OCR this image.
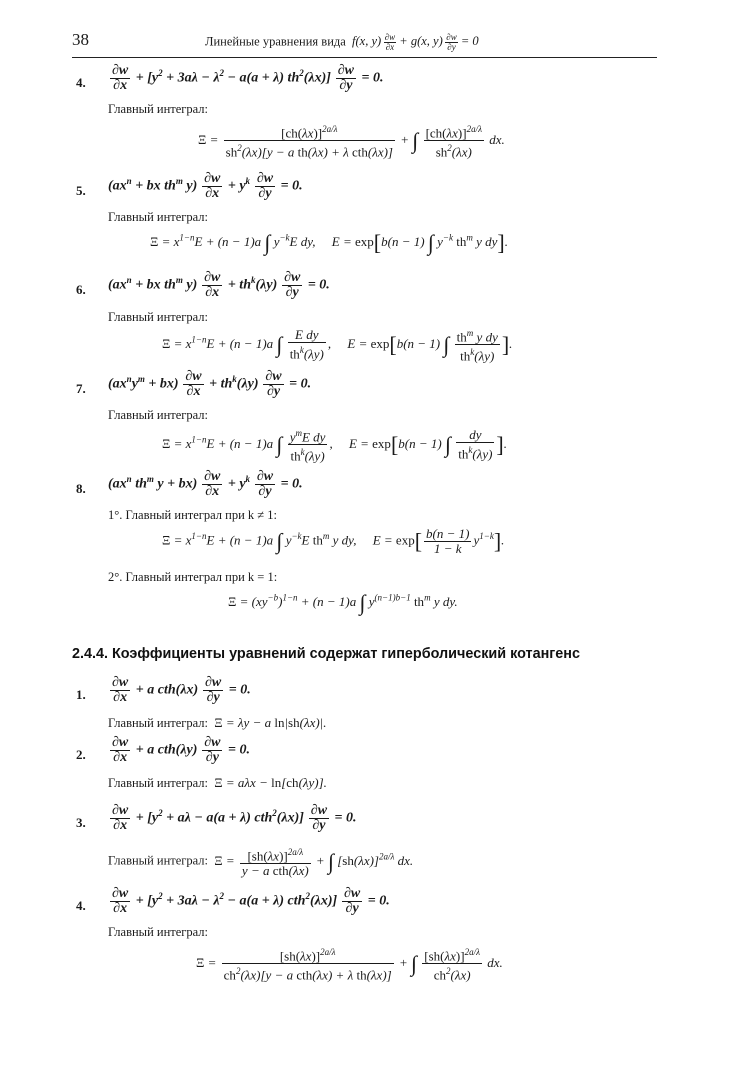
38	Линейные уравнения вида  f(x, $y) \frac{\partial w}{\partial x} + g(x$, $y) \frac{\partial w}{\partial y} = 0$
4. $\frac{\partial w}{\partial x} + [y^2 + 3a\lambda - \lambda^2 - a(a + \lambda)$ $th^2(\lambda x)] \frac{\partial w}{\partial y} = 0$.
Главный интеграл:
$\Xi = \frac{[ch(\lambda x)]^{2a/\lambda}}{sh^2(\lambda x)[y - a th(\lambda x) + \lambda cth(\lambda x)]}$ + ∫ $\frac{[ch(\lambda x)]^{2a/\lambda}}{sh^2(\lambda x)}$ dx.
5. ($ax^n$ + bx $th^m$ $y) \frac{\partial w}{\partial x} + y^k \frac{\partial w}{\partial y} = 0$.
Главный интеграл:
$\Xi = x^{1-n}E + (n - 1)a$ ∫ $y^{-k}E$ dy,     E = exp[b(n − 1) ∫ $y^{-k}$ $th^m$ y dy].
6. ($ax^n$ + bx $th^m$ $y) \frac{\partial w}{\partial x} + th^k(\lambda y) \frac{\partial w}{\partial y} = 0$.
Главный интеграл:
$\Xi = x^{1-n}E + (n - 1)a$ ∫ $\frac{\text{E dy}}{th^k(\lambda y)}$ ,     E = exp[b(n − 1) ∫ $\frac{th^m y dy}{th^k(\lambda y)}$ ].
7. $(ax^ny^m + bx) \frac{\partial w}{\partial x} + th^k(\lambda y) \frac{\partial w}{\partial y} = 0$.
Главный интеграл:
$\Xi = x^{1-n}E + (n - 1)a$ ∫ $\frac{y^mE dy}{th^k(\lambda y)}$ ,     E = exp[b(n − 1) ∫ $\frac{dy}{th^k(\lambda y)}$ ].
8. ($ax^n$ $th^m$ $y + bx) \frac{\partial w}{\partial x} + y^k \frac{\partial w}{\partial y} = 0$.
1°. Главный интеграл при k ≠ 1:
$\Xi = x^{1-n}E + (n - 1)a$ ∫ $y^{-k}E$ $th^m$ y dy,     $E = \exp[ \frac{b(n - 1)}{1 - k} y^{1-k}]$.
2°. Главный интеграл при k = 1:
$\Xi = (xy^{-b})^{1-n} + (n - 1)a$ ∫ $y^{(n-1)b-1}$ $th^m$ y dy.
2.4.4. Коэффициенты уравнений содержат гиперболический котангенс
1. $\frac{\partial w}{\partial x} + a$ $cth(\lambda x) \frac{\partial w}{\partial y} = 0$.
Главный интеграл: Ξ = λy − a ln|sh(λx)|.
2. $\frac{\partial w}{\partial x} + a$ $cth(\lambda y) \frac{\partial w}{\partial y} = 0$.
Главный интеграл: Ξ = aλx − ln[ch(λy)].
3. $\frac{\partial w}{\partial x} + [y^2 + a\lambda - a(a + \lambda)$ $cth^2(\lambda x)] \frac{\partial w}{\partial y} = 0$.
Главный интеграл: $\Xi = \frac{[sh(\lambda x)]^{2a/\lambda}}{\text{y − a cth(λx)}}$ + ∫ $[sh(\lambda x)]^{2a/\lambda}$ dx.
4. $\frac{\partial w}{\partial x} + [y^2 + 3a\lambda - \lambda^2 - a(a + \lambda)$ $cth^2(\lambda x)] \frac{\partial w}{\partial y} = 0$.
Главный интеграл:
$\Xi = \frac{[sh(\lambda x)]^{2a/\lambda}}{ch^2(\lambda x)[y - a cth(\lambda x) + \lambda th(\lambda x)]}$ + ∫ $\frac{[sh(\lambda x)]^{2a/\lambda}}{ch^2(\lambda x)}$ dx.
